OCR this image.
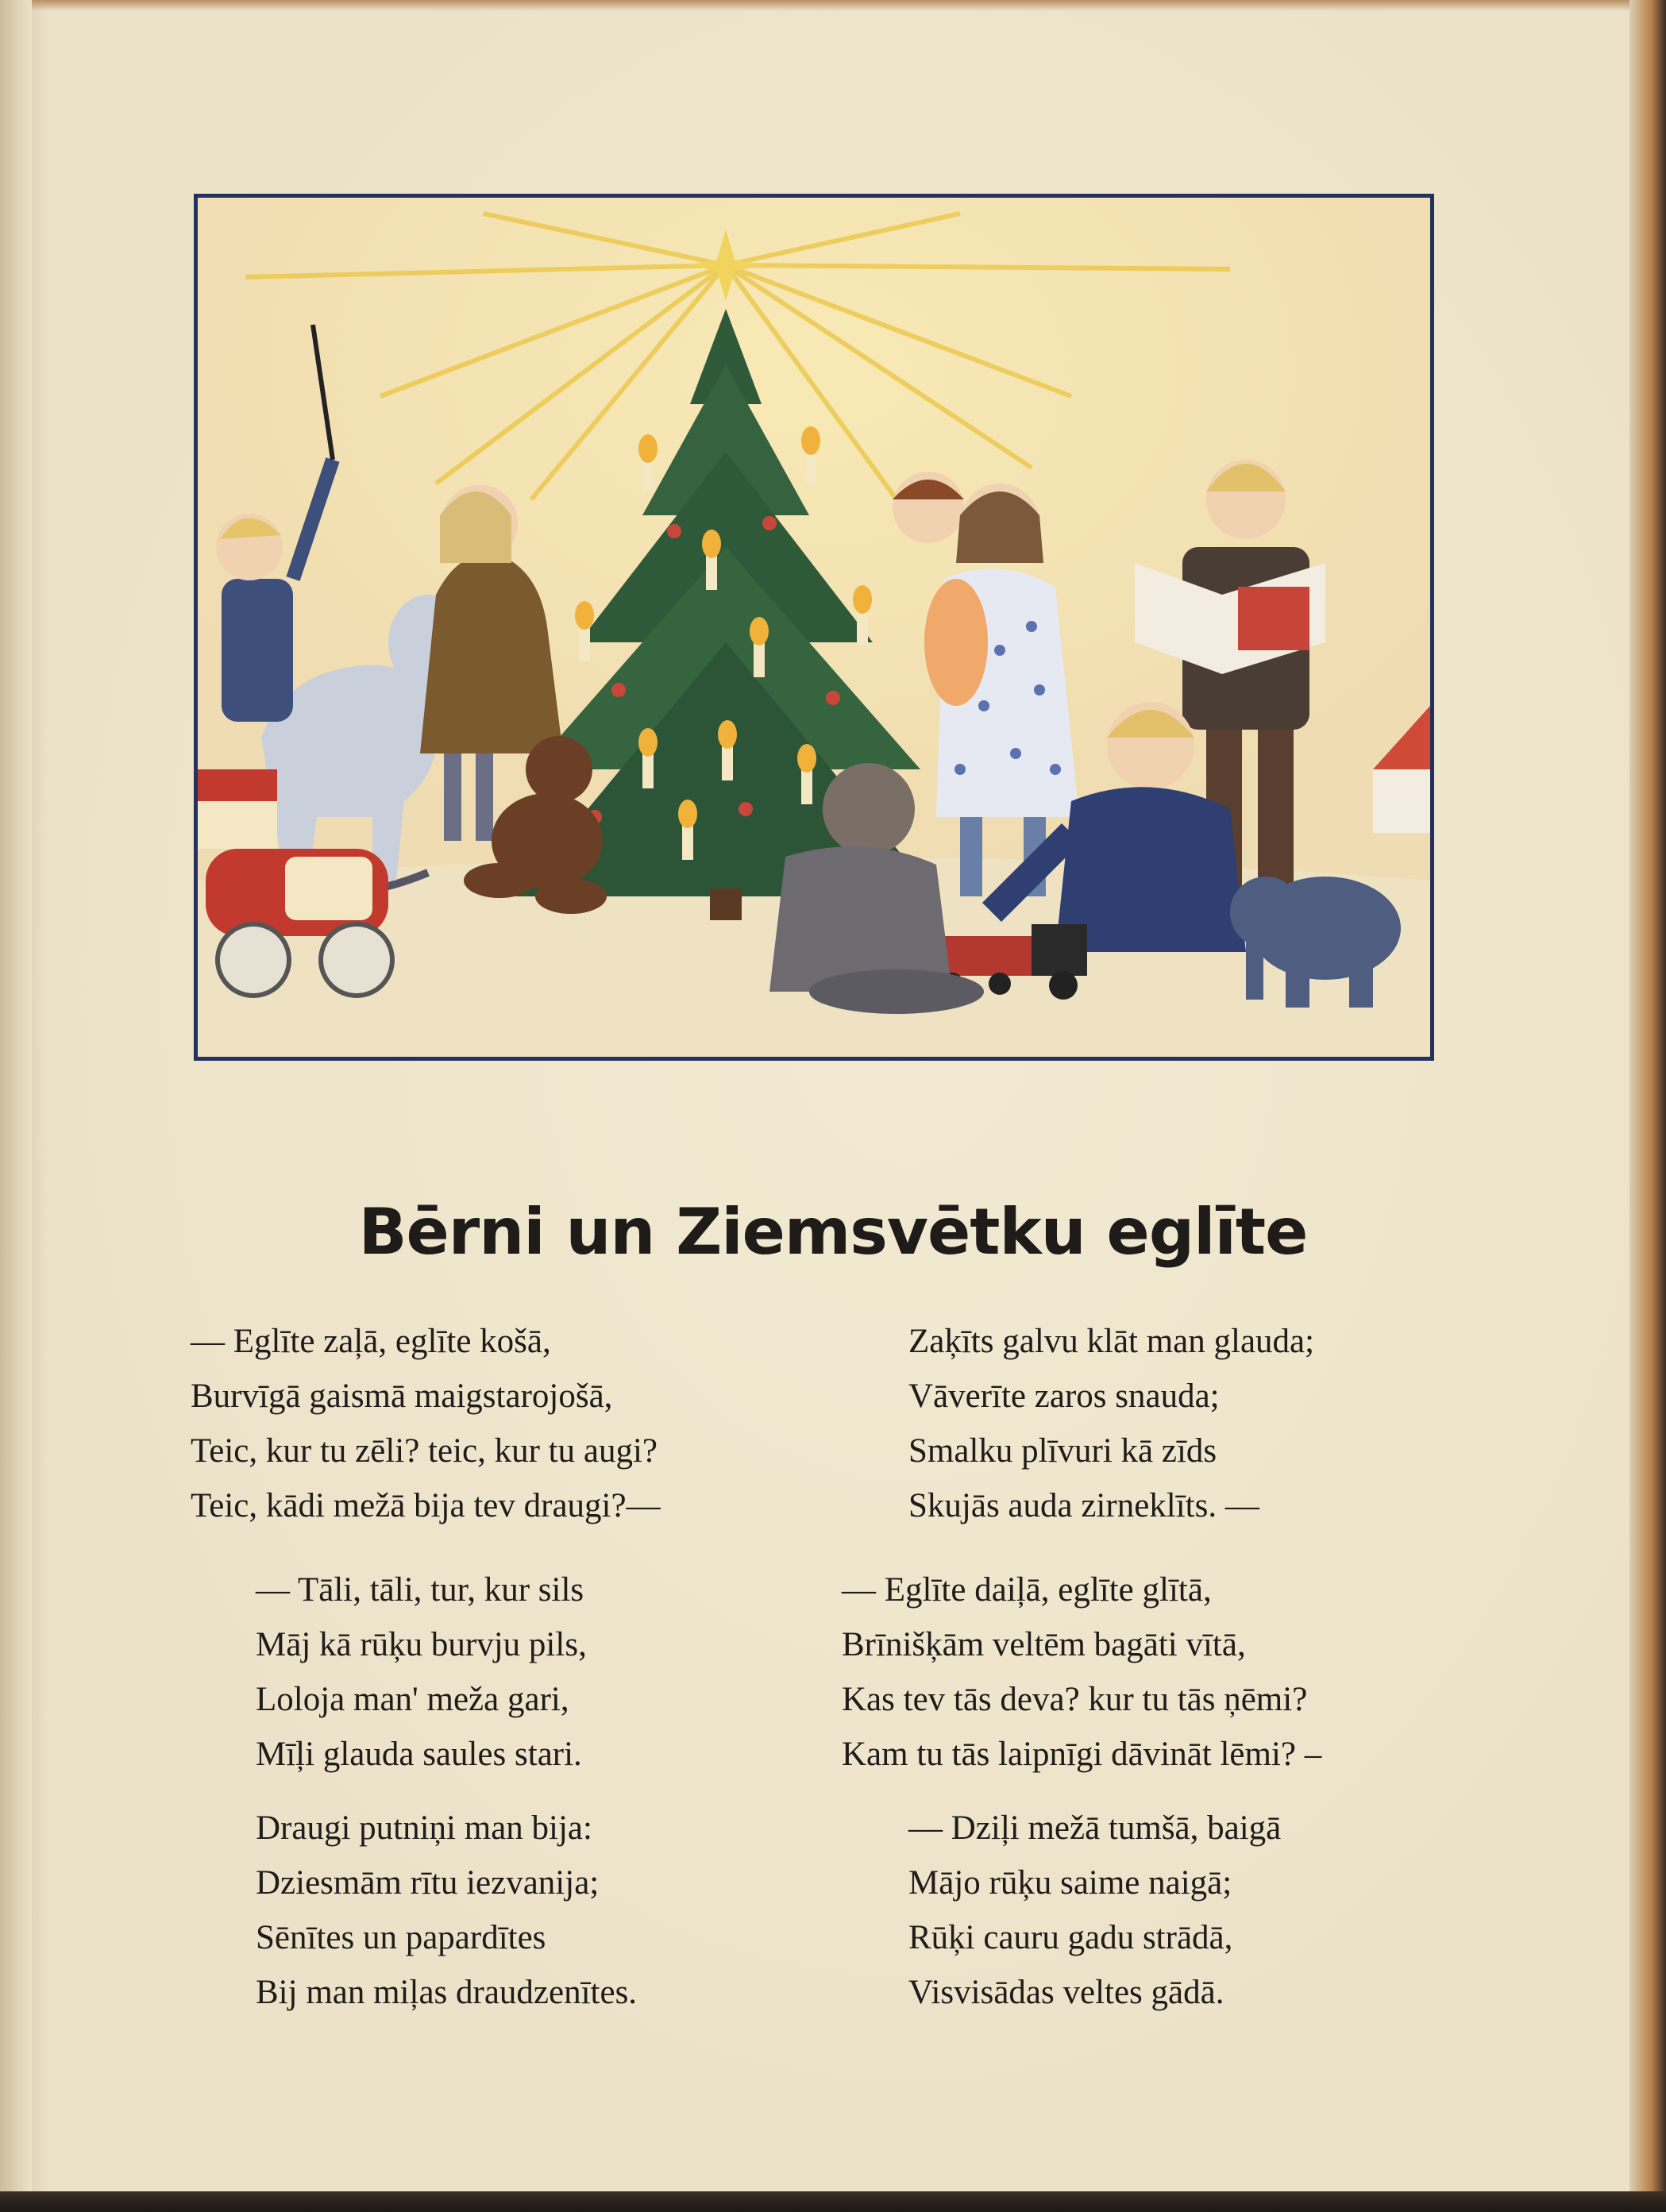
Bērni un Ziemsvētku eglīte
— Eglīte zaļā, eglīte košā,
Burvīgā gaismā maigstarojošā,
Teic, kur tu zēli? teic, kur tu augi?
Teic, kādi mežā bija tev draugi?—
— Tāli, tāli, tur, kur sils
Māj kā rūķu burvju pils,
Loloja man' meža gari,
Mīļi glauda saules stari.
Draugi putniņi man bija:
Dziesmām rītu iezvanija;
Sēnītes un papardītes
Bij man miļas draudzenītes.
Zaķīts galvu klāt man glauda;
Vāverīte zaros snauda;
Smalku plīvuri kā zīds
Skujās auda zirneklīts. —
— Eglīte daiļā, eglīte glītā,
Brīnišķām veltēm bagāti vītā,
Kas tev tās deva? kur tu tās ņēmi?
Kam tu tās laipnīgi dāvināt lēmi? –
— Dziļi mežā tumšā, baigā
Mājo rūķu saime naigā;
Rūķi cauru gadu strādā,
Visvisādas veltes gādā.
